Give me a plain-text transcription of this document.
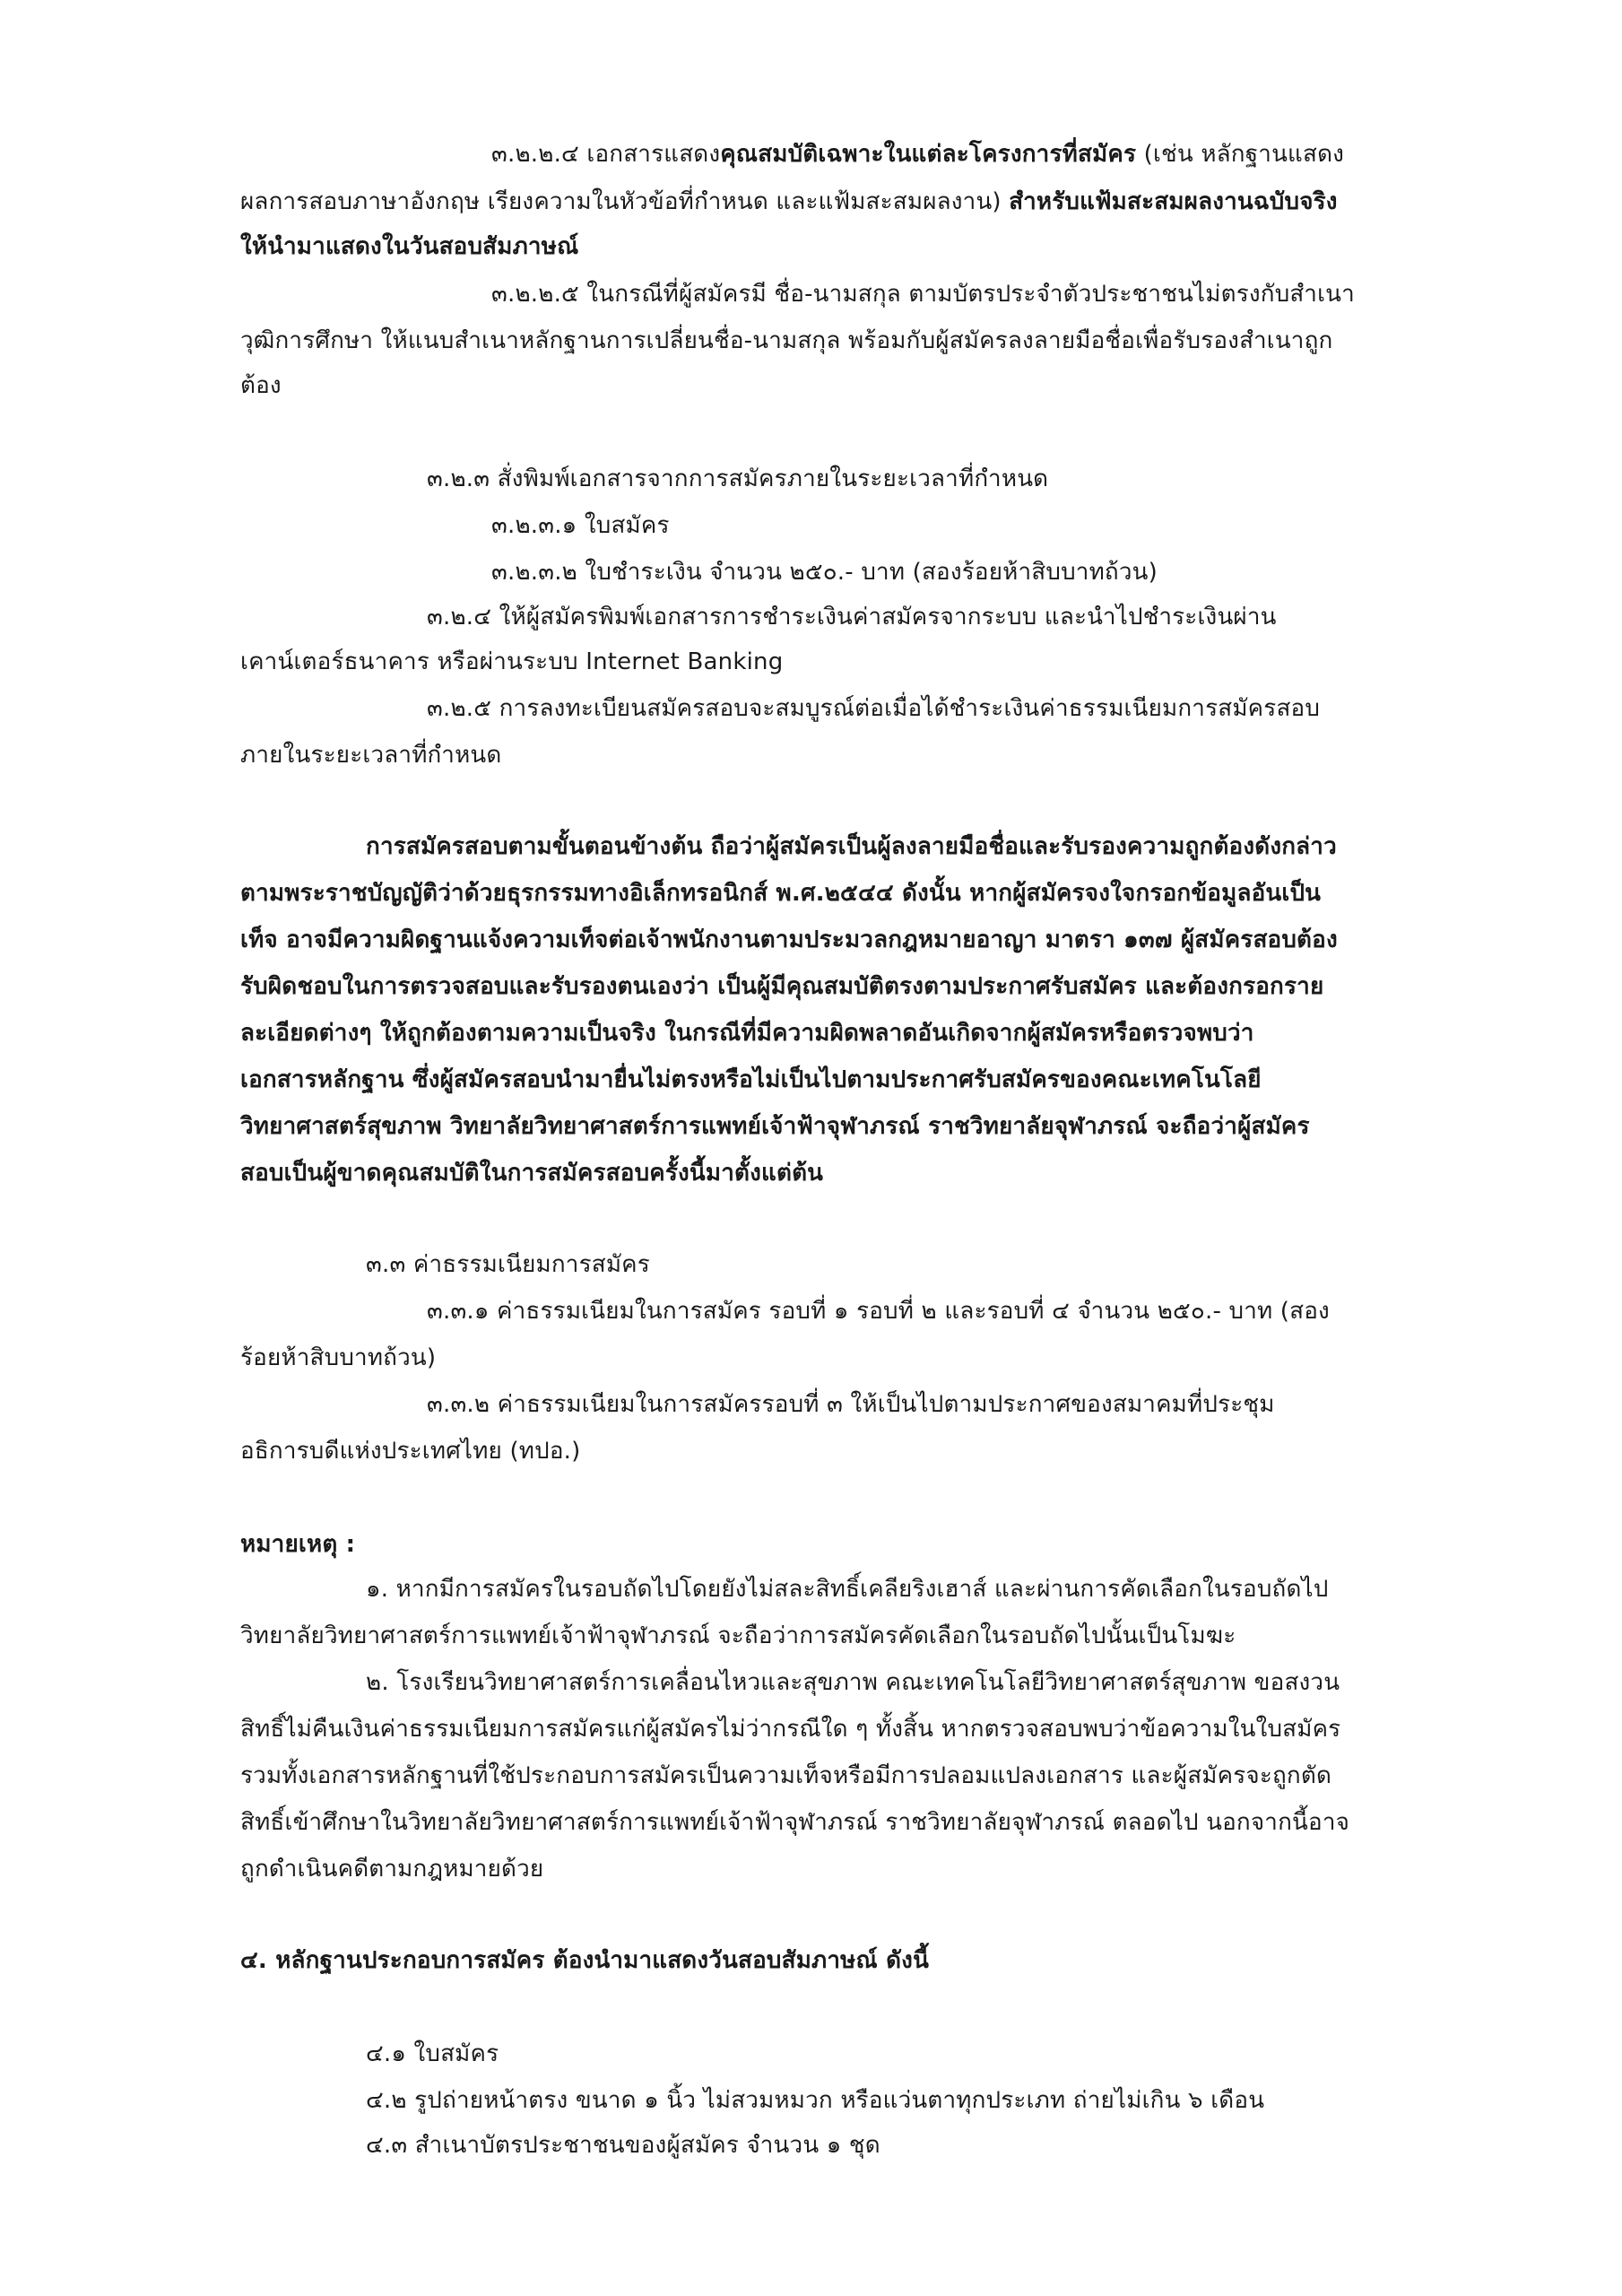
๓.๒.๒.๔ เอกสารแสดงคุณสมบัติเฉพาะในแต่ละโครงการที่สมัคร (เช่น หลักฐานแสดง

ผลการสอบภาษาอังกฤษ เรียงความในหัวข้อที่กำหนด และแฟ้มสะสมผลงาน) สำหรับแฟ้มสะสมผลงานฉบับจริง

ให้นำมาแสดงในวันสอบสัมภาษณ์

๓.๒.๒.๕ ในกรณีที่ผู้สมัครมี ชื่อ-นามสกุล ตามบัตรประจำตัวประชาชนไม่ตรงกับสำเนา

วุฒิการศึกษา ให้แนบสำเนาหลักฐานการเปลี่ยนชื่อ-นามสกุล พร้อมกับผู้สมัครลงลายมือชื่อเพื่อรับรองสำเนาถูก

ต้อง

๓.๒.๓ สั่งพิมพ์เอกสารจากการสมัครภายในระยะเวลาที่กำหนด

๓.๒.๓.๑ ใบสมัคร

๓.๒.๓.๒ ใบชำระเงิน จำนวน ๒๕๐.- บาท (สองร้อยห้าสิบบาทถ้วน)

๓.๒.๔ ให้ผู้สมัครพิมพ์เอกสารการชำระเงินค่าสมัครจากระบบ และนำไปชำระเงินผ่าน

เคาน์เตอร์ธนาคาร หรือผ่านระบบ Internet Banking

๓.๒.๕ การลงทะเบียนสมัครสอบจะสมบูรณ์ต่อเมื่อได้ชำระเงินค่าธรรมเนียมการสมัครสอบ

ภายในระยะเวลาที่กำหนด

การสมัครสอบตามขั้นตอนข้างต้น ถือว่าผู้สมัครเป็นผู้ลงลายมือชื่อและรับรองความถูกต้องดังกล่าว

ตามพระราชบัญญัติว่าด้วยธุรกรรมทางอิเล็กทรอนิกส์ พ.ศ.๒๕๔๔ ดังนั้น หากผู้สมัครจงใจกรอกข้อมูลอันเป็น

เท็จ อาจมีความผิดฐานแจ้งความเท็จต่อเจ้าพนักงานตามประมวลกฎหมายอาญา มาตรา ๑๓๗ ผู้สมัครสอบต้อง

รับผิดชอบในการตรวจสอบและรับรองตนเองว่า เป็นผู้มีคุณสมบัติตรงตามประกาศรับสมัคร และต้องกรอกราย

ละเอียดต่างๆ ให้ถูกต้องตามความเป็นจริง ในกรณีที่มีความผิดพลาดอันเกิดจากผู้สมัครหรือตรวจพบว่า

เอกสารหลักฐาน ซึ่งผู้สมัครสอบนำมายื่นไม่ตรงหรือไม่เป็นไปตามประกาศรับสมัครของคณะเทคโนโลยี

วิทยาศาสตร์สุขภาพ วิทยาลัยวิทยาศาสตร์การแพทย์เจ้าฟ้าจุฬาภรณ์ ราชวิทยาลัยจุฬาภรณ์ จะถือว่าผู้สมัคร

สอบเป็นผู้ขาดคุณสมบัติในการสมัครสอบครั้งนี้มาตั้งแต่ต้น

๓.๓ ค่าธรรมเนียมการสมัคร

๓.๓.๑ ค่าธรรมเนียมในการสมัคร รอบที่ ๑ รอบที่ ๒ และรอบที่ ๔ จำนวน ๒๕๐.- บาท (สอง

ร้อยห้าสิบบาทถ้วน)

๓.๓.๒ ค่าธรรมเนียมในการสมัครรอบที่ ๓ ให้เป็นไปตามประกาศของสมาคมที่ประชุม

อธิการบดีแห่งประเทศไทย (ทปอ.)

หมายเหตุ :

๑. หากมีการสมัครในรอบถัดไปโดยยังไม่สละสิทธิ์เคลียริงเฮาส์ และผ่านการคัดเลือกในรอบถัดไป

วิทยาลัยวิทยาศาสตร์การแพทย์เจ้าฟ้าจุฬาภรณ์ จะถือว่าการสมัครคัดเลือกในรอบถัดไปนั้นเป็นโมฆะ

๒. โรงเรียนวิทยาศาสตร์การเคลื่อนไหวและสุขภาพ คณะเทคโนโลยีวิทยาศาสตร์สุขภาพ ขอสงวน

สิทธิ์ไม่คืนเงินค่าธรรมเนียมการสมัครแก่ผู้สมัครไม่ว่ากรณีใด ๆ ทั้งสิ้น หากตรวจสอบพบว่าข้อความในใบสมัคร

รวมทั้งเอกสารหลักฐานที่ใช้ประกอบการสมัครเป็นความเท็จหรือมีการปลอมแปลงเอกสาร และผู้สมัครจะถูกตัด

สิทธิ์เข้าศึกษาในวิทยาลัยวิทยาศาสตร์การแพทย์เจ้าฟ้าจุฬาภรณ์ ราชวิทยาลัยจุฬาภรณ์ ตลอดไป นอกจากนี้อาจ

ถูกดำเนินคดีตามกฎหมายด้วย

๔. หลักฐานประกอบการสมัคร ต้องนำมาแสดงวันสอบสัมภาษณ์ ดังนี้

๔.๑ ใบสมัคร

๔.๒ รูปถ่ายหน้าตรง ขนาด ๑ นิ้ว ไม่สวมหมวก หรือแว่นตาทุกประเภท ถ่ายไม่เกิน ๖ เดือน

๔.๓ สำเนาบัตรประชาชนของผู้สมัคร จำนวน ๑ ชุด
